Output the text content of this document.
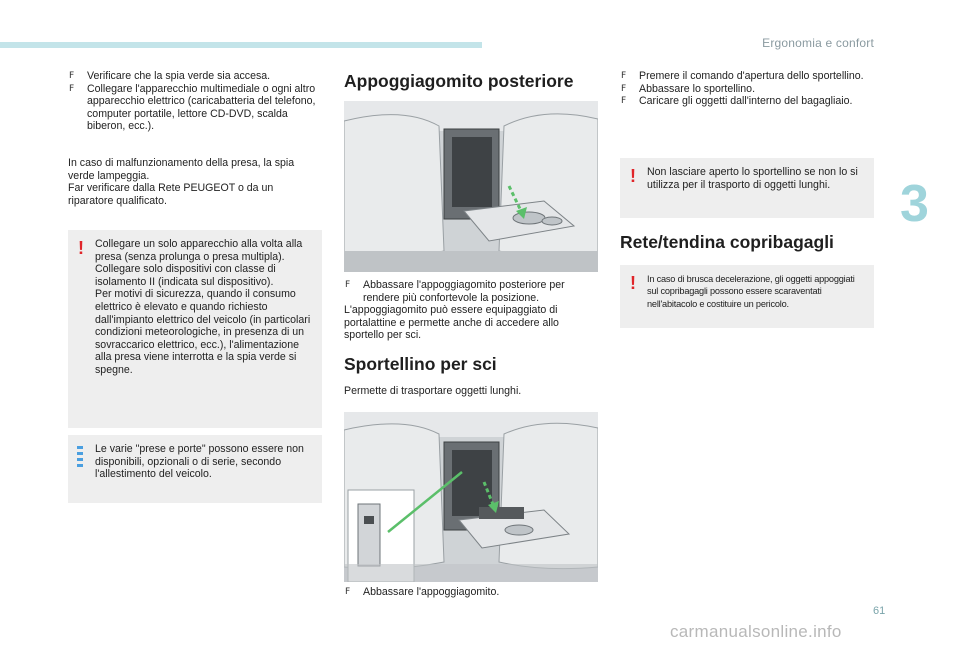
Ergonomia e confort
3
F Verificare che la spia verde sia accesa.
F Collegare l'apparecchio multimediale o ogni altro apparecchio elettrico (caricabatteria del telefono, computer portatile, lettore CD-DVD, scalda biberon, ecc.).

In caso di malfunzionamento della presa, la spia verde lampeggia.

Far verificare dalla Rete PEUGEOT o da un riparatore qualificato.

! Collegare un solo apparecchio alla volta alla presa (senza prolunga o presa multipla).

Collegare solo dispositivi con classe di isolamento II (indicata sul dispositivo).

Per motivi di sicurezza, quando il consumo elettrico è elevato e quando richiesto dall'impianto elettrico del veicolo (in particolari condizioni meteorologiche, in presenza di un sovraccarico elettrico, ecc.), l'alimentazione alla presa viene interrotta e la spia verde si spegne.

Le varie "prese e porte" possono essere non disponibili, opzionali o di serie, secondo l'allestimento del veicolo.

Appoggiagomito posteriore
F Abbassare l'appoggiagomito posteriore per rendere più confortevole la posizione.

L'appoggiagomito può essere equipaggiato di portalattine e permette anche di accedere allo sportello per sci.

Sportellino per sci

Permette di trasportare oggetti lunghi.

F Abbassare l'appoggiagomito.
F Premere il comando d'apertura dello sportellino.
F Abbassare lo sportellino.
F Caricare gli oggetti dall'interno del bagagliaio.
! Non lasciare aperto lo sportellino se non lo si utilizza per il trasporto di oggetti lunghi.

Rete/tendina copribagagli
! In caso di brusca decelerazione, gli oggetti appoggiati sul copribagagli possono essere scaraventati nell'abitacolo e costituire un pericolo.

61
carmanualsonline.info
